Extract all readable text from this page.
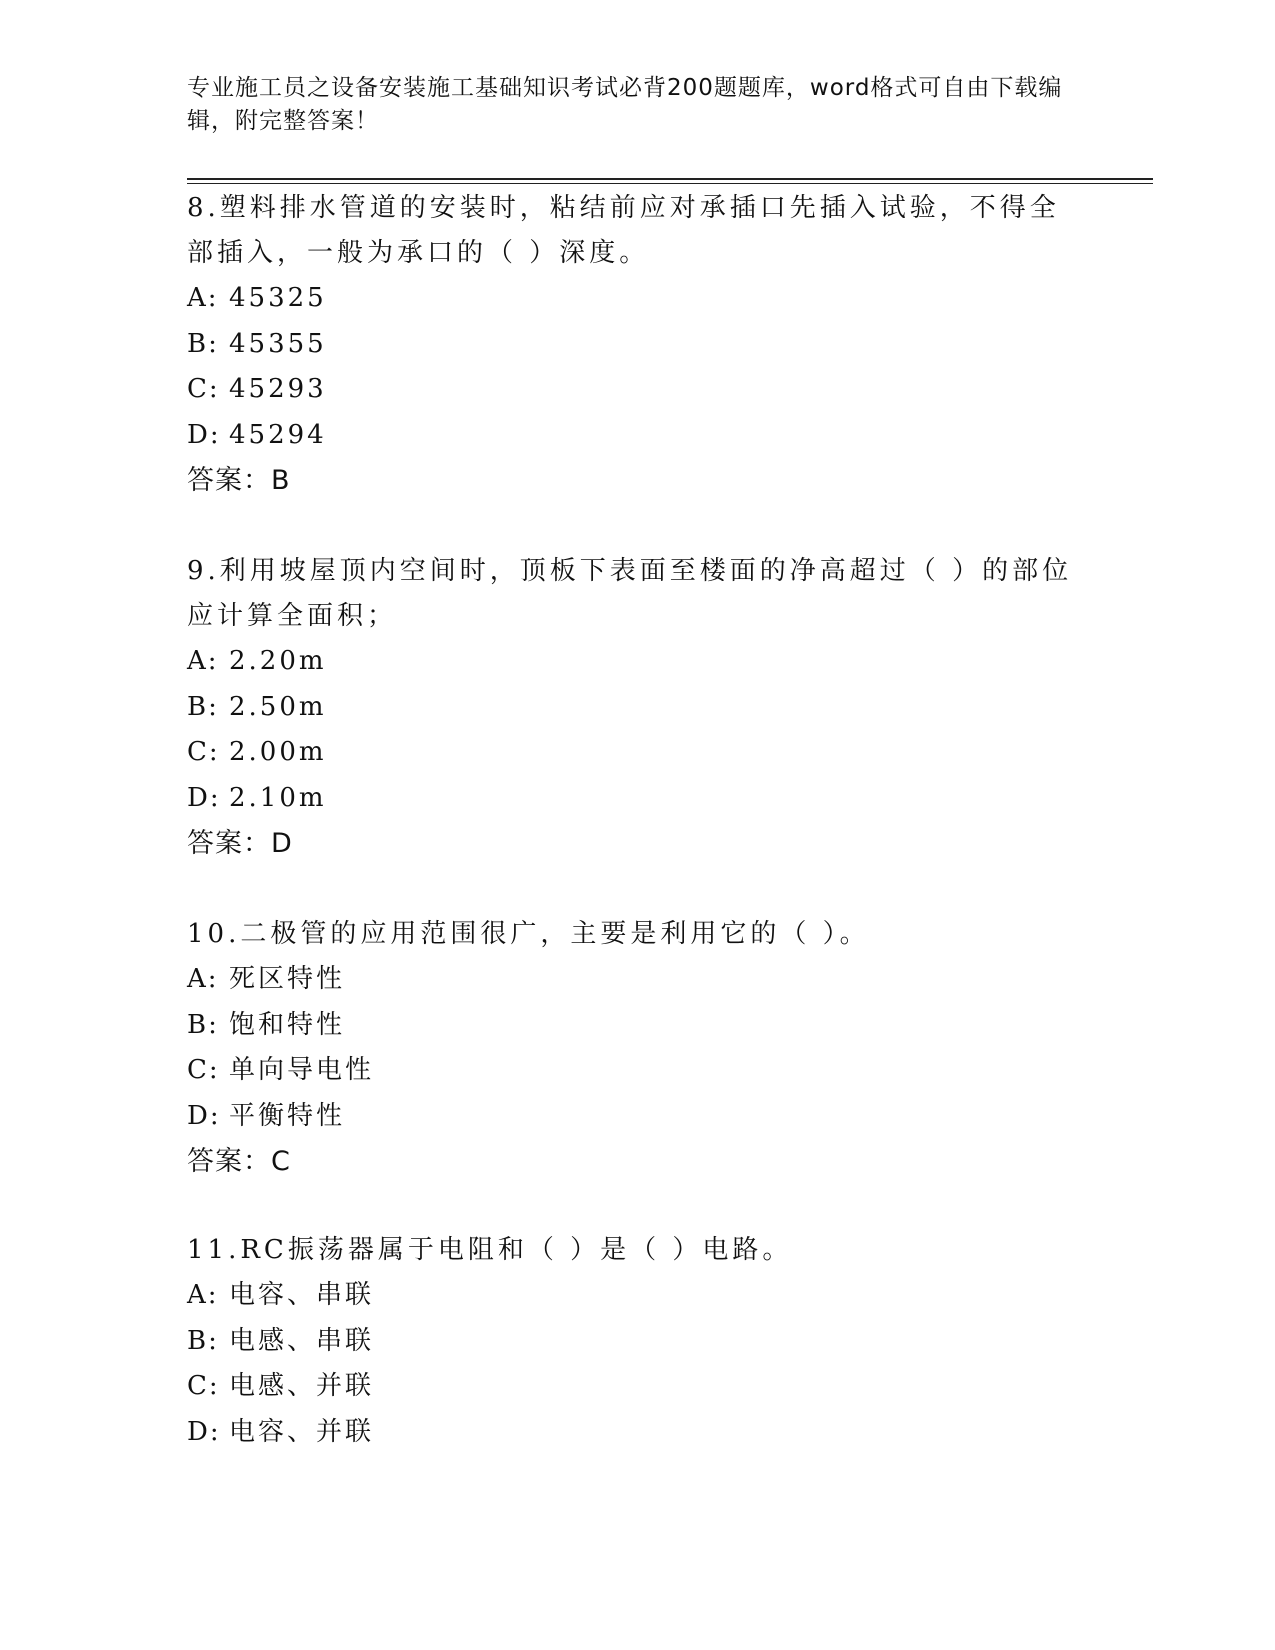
专业施工员之设备安装施工基础知识考试必背200题题库，word格式可自由下载编辑，附完整答案！

8.塑料排水管道的安装时，粘结前应对承插口先插入试验，不得全部插入，一般为承口的（ ）深度。

A: 45325

B: 45355

C: 45293

D: 45294

答案：B

9.利用坡屋顶内空间时，顶板下表面至楼面的净高超过（ ）的部位应计算全面积；

A: 2.20m

B: 2.50m

C: 2.00m

D: 2.10m

答案：D

10.二极管的应用范围很广，主要是利用它的（ ）。

A: 死区特性

B: 饱和特性

C: 单向导电性

D: 平衡特性

答案：C

11.RC振荡器属于电阻和（ ）是（ ）电路。

A: 电容、串联

B: 电感、串联

C: 电感、并联

D: 电容、并联
